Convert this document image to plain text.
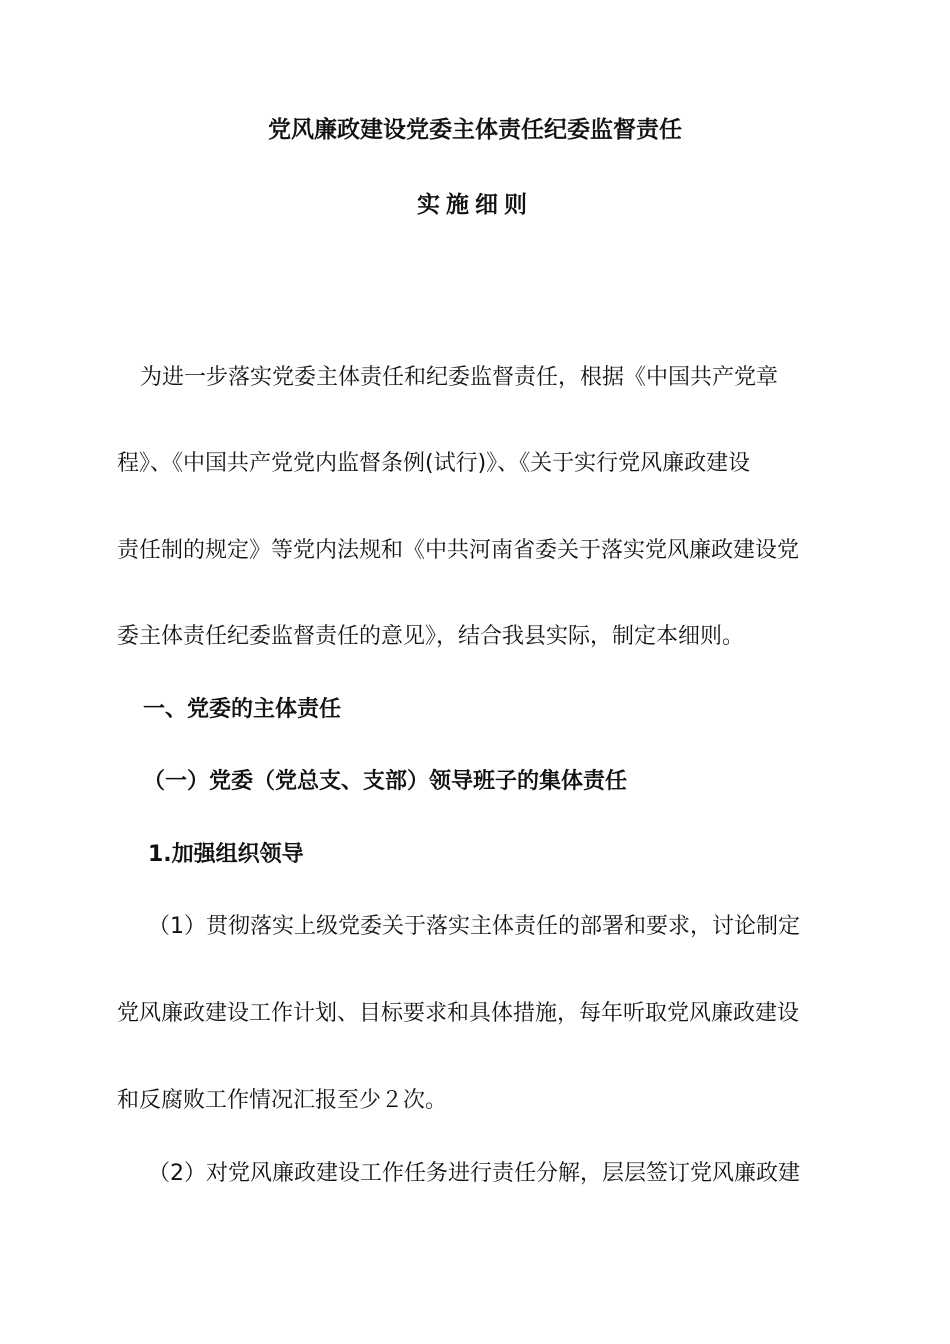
党风廉政建设党委主体责任纪委监督责任
实施细则
为进一步落实党委主体责任和纪委监督责任，根据《中国共产党章
程》、《中国共产党党内监督条例(试行)》、《关于实行党风廉政建设
责任制的规定》等党内法规和《中共河南省委关于落实党风廉政建设党
委主体责任纪委监督责任的意见》，结合我县实际，制定本细则。
一、党委的主体责任
（一）党委（党总支、支部）领导班子的集体责任
1.加强组织领导
（1）贯彻落实上级党委关于落实主体责任的部署和要求，讨论制定
党风廉政建设工作计划、目标要求和具体措施，每年听取党风廉政建设
和反腐败工作情况汇报至少２次。
（2）对党风廉政建设工作任务进行责任分解，层层签订党风廉政建
